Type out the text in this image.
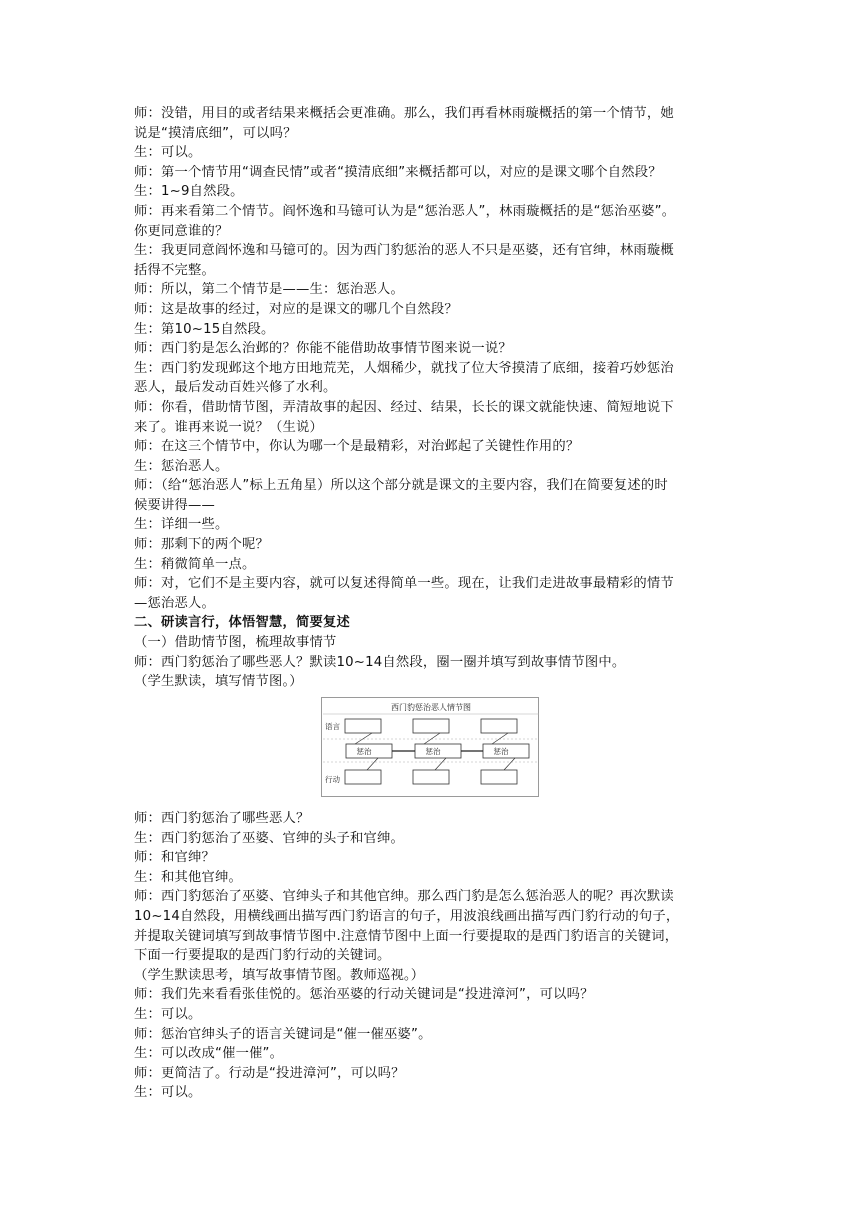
师：没错，用目的或者结果来概括会更准确。那么，我们再看林雨璇概括的第一个情节，她
说是“摸清底细”，可以吗？
生：可以。
师：第一个情节用“调查民情”或者“摸清底细”来概括都可以，对应的是课文哪个自然段？
生：1~9自然段。
师：再来看第二个情节。阎怀逸和马镱可认为是“惩治恶人”，林雨璇概括的是“惩治巫婆”。
你更同意谁的？
生：我更同意阎怀逸和马镱可的。因为西门豹惩治的恶人不只是巫婆，还有官绅，林雨璇概
括得不完整。
师：所以，第二个情节是——生：惩治恶人。
师：这是故事的经过，对应的是课文的哪几个自然段？
生：第10~15自然段。
师：西门豹是怎么治邺的？你能不能借助故事情节图来说一说？
生：西门豹发现邺这个地方田地荒芜，人烟稀少，就找了位大爷摸清了底细，接着巧妙惩治
恶人，最后发动百姓兴修了水利。
师：你看，借助情节图，弄清故事的起因、经过、结果，长长的课文就能快速、简短地说下
来了。谁再来说一说？（生说）
师：在这三个情节中，你认为哪一个是最精彩，对治邺起了关键性作用的？
生：惩治恶人。
师：（给“惩治恶人”标上五角星）所以这个部分就是课文的主要内容，我们在简要复述的时
候要讲得——
生：详细一些。
师：那剩下的两个呢？
生：稍微简单一点。
师：对，它们不是主要内容，就可以复述得简单一些。现在，让我们走进故事最精彩的情节
—惩治恶人。
二、研读言行，体悟智慧，简要复述
（一）借助情节图，梳理故事情节
师：西门豹惩治了哪些恶人？默读10~14自然段，圈一圈并填写到故事情节图中。
（学生默读，填写情节图。）
西门豹惩治恶人情节图
语言
行动
惩治	惩治	惩治
师：西门豹惩治了哪些恶人？
生：西门豹惩治了巫婆、官绅的头子和官绅。
师：和官绅？
生：和其他官绅。
师：西门豹惩治了巫婆、官绅头子和其他官绅。那么西门豹是怎么惩治恶人的呢？再次默读
10~14自然段，用横线画出描写西门豹语言的句子，用波浪线画出描写西门豹行动的句子，
并提取关键词填写到故事情节图中.注意情节图中上面一行要提取的是西门豹语言的关键词，
下面一行要提取的是西门豹行动的关键词。
（学生默读思考，填写故事情节图。教师巡视。）
师：我们先来看看张佳悦的。惩治巫婆的行动关键词是“投进漳河”，可以吗？
生：可以。
师：惩治官绅头子的语言关键词是“催一催巫婆”。
生：可以改成“催一催”。
师：更简洁了。行动是“投进漳河”，可以吗？
生：可以。
